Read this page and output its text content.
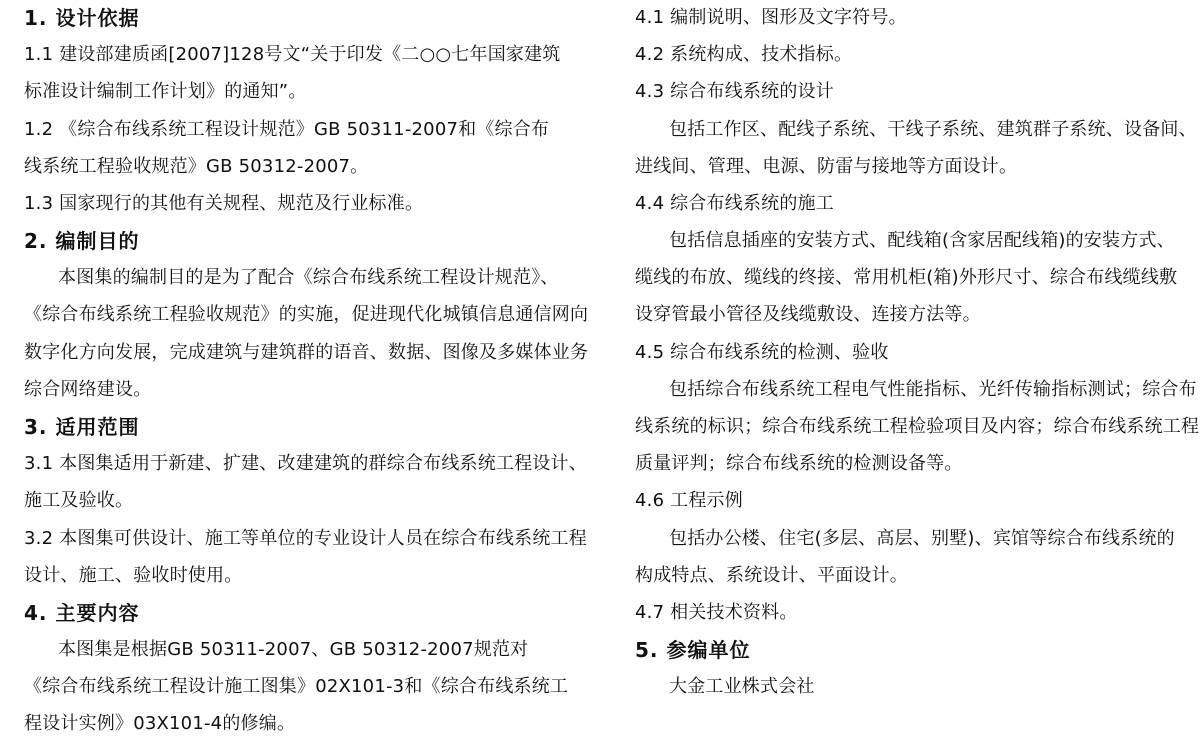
1. 设计依据
1.1 建设部建质函[2007]128号文“关于印发《二○○七年国家建筑
标准设计编制工作计划》的通知”。
1.2 《综合布线系统工程设计规范》GB 50311-2007和《综合布
线系统工程验收规范》GB 50312-2007。
1.3 国家现行的其他有关规程、规范及行业标准。
2. 编制目的
本图集的编制目的是为了配合《综合布线系统工程设计规范》、
《综合布线系统工程验收规范》的实施，促进现代化城镇信息通信网向
数字化方向发展，完成建筑与建筑群的语音、数据、图像及多媒体业务
综合网络建设。
3. 适用范围
3.1 本图集适用于新建、扩建、改建建筑的群综合布线系统工程设计、
施工及验收。
3.2 本图集可供设计、施工等单位的专业设计人员在综合布线系统工程
设计、施工、验收时使用。
4. 主要内容
本图集是根据GB 50311-2007、GB 50312-2007规范对
《综合布线系统工程设计施工图集》02X101-3和《综合布线系统工
程设计实例》03X101-4的修编。
4.1 编制说明、图形及文字符号。
4.2 系统构成、技术指标。
4.3 综合布线系统的设计
包括工作区、配线子系统、干线子系统、建筑群子系统、设备间、
进线间、管理、电源、防雷与接地等方面设计。
4.4 综合布线系统的施工
包括信息插座的安装方式、配线箱(含家居配线箱)的安装方式、
缆线的布放、缆线的终接、常用机柜(箱)外形尺寸、综合布线缆线敷
设穿管最小管径及线缆敷设、连接方法等。
4.5 综合布线系统的检测、验收
包括综合布线系统工程电气性能指标、光纤传输指标测试；综合布
线系统的标识；综合布线系统工程检验项目及内容；综合布线系统工程
质量评判；综合布线系统的检测设备等。
4.6 工程示例
包括办公楼、住宅(多层、高层、别墅)、宾馆等综合布线系统的
构成特点、系统设计、平面设计。
4.7 相关技术资料。
5. 参编单位
大金工业株式会社
